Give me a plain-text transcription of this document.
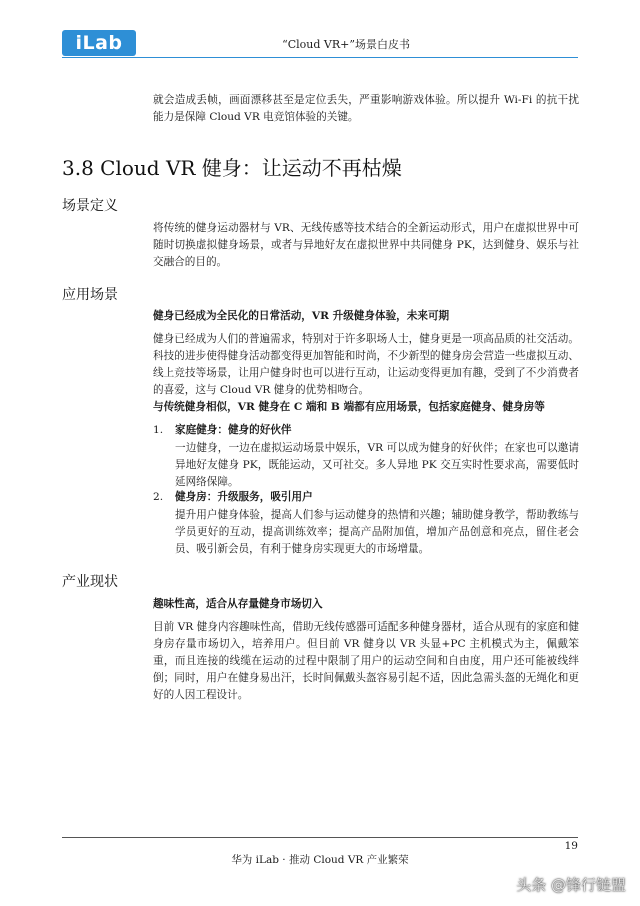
iLab	“Cloud VR+”场景白皮书
就会造成丢帧，画面漂移甚至是定位丢失，严重影响游戏体验。所以提升 Wi-Fi 的抗干扰能力是保障 Cloud VR 电竞馆体验的关键。
3.8 Cloud VR 健身：让运动不再枯燥
场景定义
将传统的健身运动器材与 VR、无线传感等技术结合的全新运动形式，用户在虚拟世界中可随时切换虚拟健身场景，或者与异地好友在虚拟世界中共同健身 PK，达到健身、娱乐与社交融合的目的。
应用场景
健身已经成为全民化的日常活动，VR 升级健身体验，未来可期
健身已经成为人们的普遍需求，特别对于许多职场人士，健身更是一项高品质的社交活动。科技的进步使得健身活动都变得更加智能和时尚，不少新型的健身房会营造一些虚拟互动、线上竞技等场景，让用户健身时也可以进行互动，让运动变得更加有趣，受到了不少消费者的喜爱，这与 Cloud VR 健身的优势相吻合。
与传统健身相似，VR 健身在 C 端和 B 端都有应用场景，包括家庭健身、健身房等
1. 家庭健身：健身的好伙伴
一边健身，一边在虚拟运动场景中娱乐，VR 可以成为健身的好伙伴；在家也可以邀请异地好友健身 PK，既能运动，又可社交。多人异地 PK 交互实时性要求高，需要低时延网络保障。
2. 健身房：升级服务，吸引用户
提升用户健身体验，提高人们参与运动健身的热情和兴趣；辅助健身教学，帮助教练与学员更好的互动，提高训练效率；提高产品附加值，增加产品创意和亮点，留住老会员、吸引新会员，有利于健身房实现更大的市场增量。
产业现状
趣味性高，适合从存量健身市场切入
目前 VR 健身内容趣味性高，借助无线传感器可适配多种健身器材，适合从现有的家庭和健身房存量市场切入，培养用户。但目前 VR 健身以 VR 头显+PC 主机模式为主，佩戴笨重，而且连接的线缆在运动的过程中限制了用户的运动空间和自由度，用户还可能被线绊倒；同时，用户在健身易出汗，长时间佩戴头盔容易引起不适，因此急需头盔的无绳化和更好的人因工程设计。
19
华为 iLab · 推动 Cloud VR 产业繁荣
头条 @锋行链盟
